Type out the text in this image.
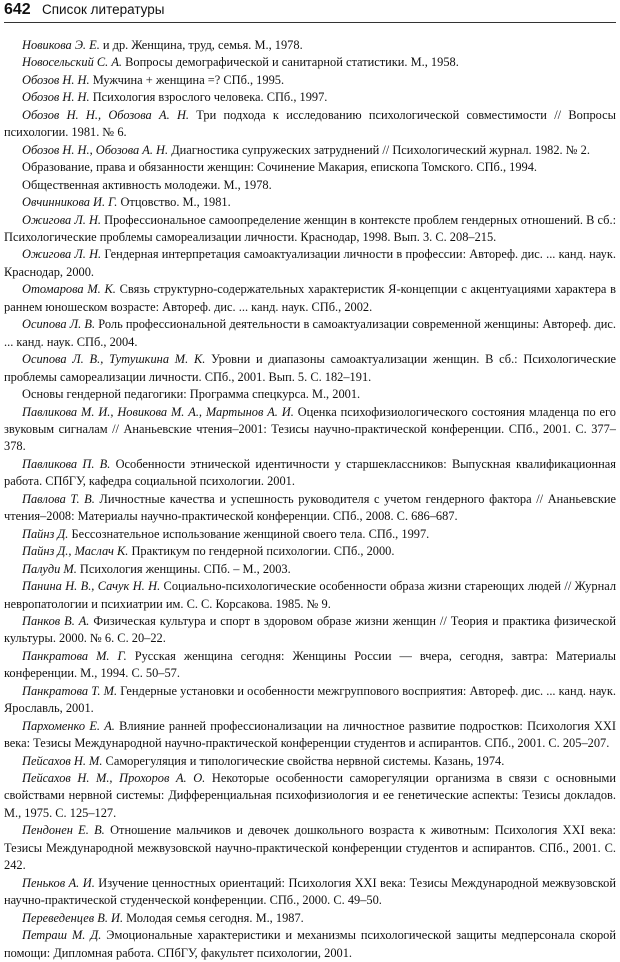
642 Список литературы
Новикова Э. Е. и др. Женщина, труд, семья. М., 1978.
Новосельский С. А. Вопросы демографической и санитарной статистики. М., 1958.
Обозов Н. Н. Мужчина + женщина =? СПб., 1995.
Обозов Н. Н. Психология взрослого человека. СПб., 1997.
Обозов Н. Н., Обозова А. Н. Три подхода к исследованию психологической совместимости // Вопросы психологии. 1981. № 6.
Обозов Н. Н., Обозова А. Н. Диагностика супружеских затруднений // Психологический журнал. 1982. № 2.
Образование, права и обязанности женщин: Сочинение Макария, епископа Томского. СПб., 1994.
Общественная активность молодежи. М., 1978.
Овчинникова И. Г. Отцовство. М., 1981.
Ожигова Л. Н. Профессиональное самоопределение женщин в контексте проблем гендерных отношений. В сб.: Психологические проблемы самореализации личности. Краснодар, 1998. Вып. 3. С. 208–215.
Ожигова Л. Н. Гендерная интерпретация самоактуализации личности в профессии: Автореф. дис. ... канд. наук. Краснодар, 2000.
Отомарова М. К. Связь структурно-содержательных характеристик Я-концепции с акцентуациями характера в раннем юношеском возрасте: Автореф. дис. ... канд. наук. СПб., 2002.
Осипова Л. В. Роль профессиональной деятельности в самоактуализации современной женщины: Автореф. дис. ... канд. наук. СПб., 2004.
Осипова Л. В., Тутушкина М. К. Уровни и диапазоны самоактуализации женщин. В сб.: Психологические проблемы самореализации личности. СПб., 2001. Вып. 5. С. 182–191.
Основы гендерной педагогики: Программа спецкурса. М., 2001.
Павликова М. И., Новикова М. А., Мартынов А. И. Оценка психофизиологического состояния младенца по его звуковым сигналам // Ананьевские чтения–2001: Тезисы научно-практической конференции. СПб., 2001. С. 377–378.
Павликова П. В. Особенности этнической идентичности у старшеклассников: Выпускная квалификационная работа. СПбГУ, кафедра социальной психологии. 2001.
Павлова Т. В. Личностные качества и успешность руководителя с учетом гендерного фактора // Ананьевские чтения–2008: Материалы научно-практической конференции. СПб., 2008. С. 686–687.
Пайнз Д. Бессознательное использование женщиной своего тела. СПб., 1997.
Пайнз Д., Маслач К. Практикум по гендерной психологии. СПб., 2000.
Палуди М. Психология женщины. СПб. – М., 2003.
Панина Н. В., Сачук Н. Н. Социально-психологические особенности образа жизни стареющих людей // Журнал невропатологии и психиатрии им. С. С. Корсакова. 1985. № 9.
Панков В. А. Физическая культура и спорт в здоровом образе жизни женщин // Теория и практика физической культуры. 2000. № 6. С. 20–22.
Панкратова М. Г. Русская женщина сегодня: Женщины России — вчера, сегодня, завтра: Материалы конференции. М., 1994. С. 50–57.
Панкратова Т. М. Гендерные установки и особенности межгруппового восприятия: Автореф. дис. ... канд. наук. Ярославль, 2001.
Пархоменко Е. А. Влияние ранней профессионализации на личностное развитие подростков: Психология XXI века: Тезисы Международной научно-практической конференции студентов и аспирантов. СПб., 2001. С. 205–207.
Пейсахов Н. М. Саморегуляция и типологические свойства нервной системы. Казань, 1974.
Пейсахов Н. М., Прохоров А. О. Некоторые особенности саморегуляции организма в связи с основными свойствами нервной системы: Дифференциальная психофизиология и ее генетические аспекты: Тезисы докладов. М., 1975. С. 125–127.
Пендонен Е. В. Отношение мальчиков и девочек дошкольного возраста к животным: Психология XXI века: Тезисы Международной межвузовской научно-практической конференции студентов и аспирантов. СПб., 2001. С. 242.
Пеньков А. И. Изучение ценностных ориентаций: Психология XXI века: Тезисы Международной межвузовской научно-практической студенческой конференции. СПб., 2000. С. 49–50.
Переведенцев В. И. Молодая семья сегодня. М., 1987.
Петраш М. Д. Эмоциональные характеристики и механизмы психологической защиты медперсонала скорой помощи: Дипломная работа. СПбГУ, факультет психологии, 2001.
